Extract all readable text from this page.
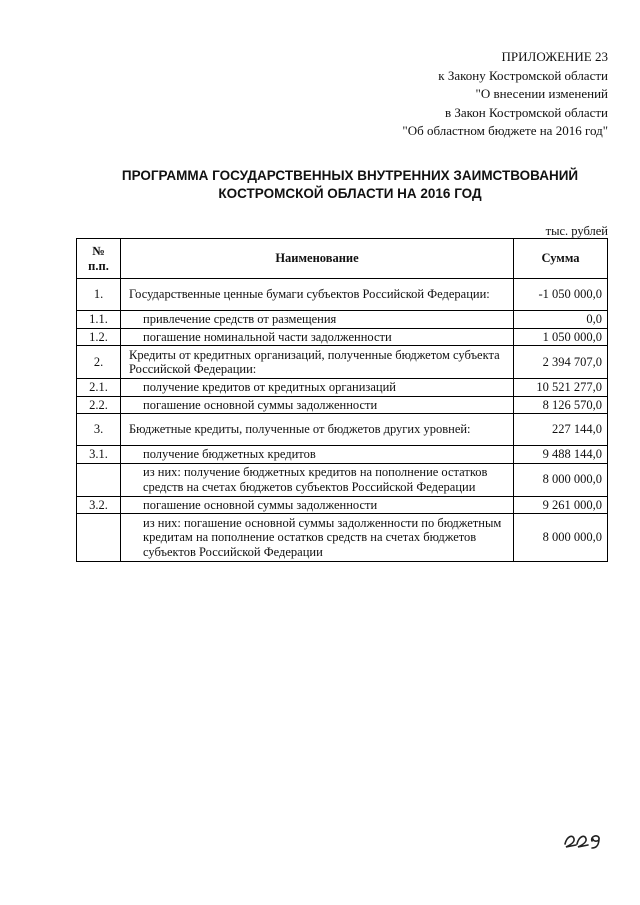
ПРИЛОЖЕНИЕ 23
к Закону Костромской области
"О внесении изменений
в Закон Костромской области
"Об областном бюджете на 2016 год"
ПРОГРАММА ГОСУДАРСТВЕННЫХ ВНУТРЕННИХ ЗАИМСТВОВАНИЙ
КОСТРОМСКОЙ ОБЛАСТИ НА 2016 ГОД
тыс. рублей
№
п.п.	Наименование	Сумма
1.	Государственные ценные бумаги субъектов Российской Федерации:	-1 050 000,0
1.1.	привлечение средств от размещения	0,0
1.2.	погашение номинальной части задолженности	1 050 000,0
2.	Кредиты от кредитных организаций, полученные бюджетом субъекта Российской Федерации:	2 394 707,0
2.1.	получение кредитов от кредитных организаций	10 521 277,0
2.2.	погашение основной суммы задолженности	8 126 570,0
3.	Бюджетные кредиты, полученные от бюджетов других уровней:	227 144,0
3.1.	получение бюджетных кредитов	9 488 144,0
	из них: получение бюджетных кредитов на пополнение остатков средств на счетах бюджетов субъектов Российской Федерации	8 000 000,0
3.2.	погашение основной суммы задолженности	9 261 000,0
	из них: погашение основной суммы задолженности по бюджетным кредитам на пополнение остатков средств на счетах бюджетов субъектов Российской Федерации	8 000 000,0
